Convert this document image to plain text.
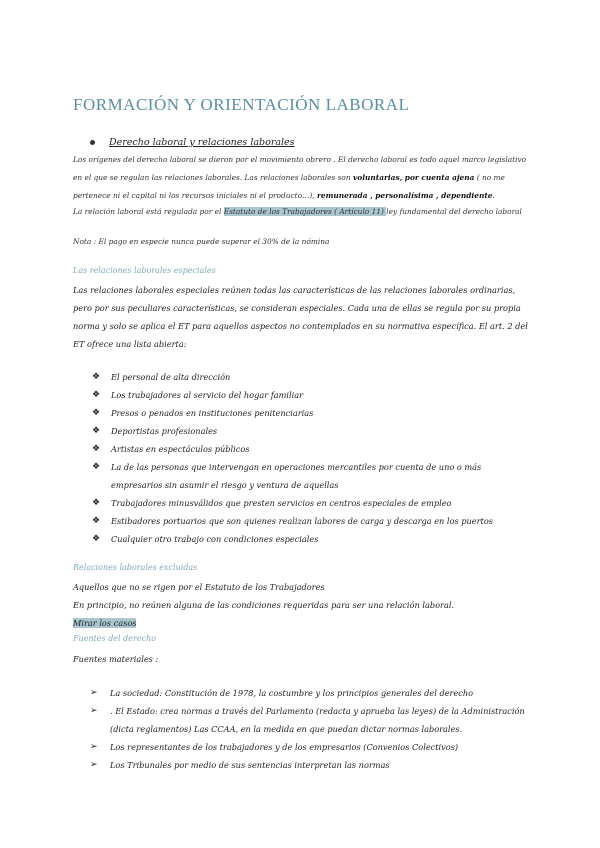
FORMACIÓN Y ORIENTACIÓN LABORAL
Derecho laboral y relaciones laborales

Los orígenes del derecho laboral se dieron por el movimiento obrero . El derecho laboral es todo aquel marco legislativo en el que se regulan las relaciones laborales. Las relaciones laborales son voluntarias, por cuenta ajena ( no me pertenece ni el capital ni los recursos iniciales ni el producto…), remunerada , personalísima , dependiente.

La relación laboral está regulada por el Estatuto de los Trabajadores ( Artículo 11) ley fundamental del derecho laboral

Nota : El pago en especie nunca puede superar el 30% de la nómina

Las relaciones laborales especiales

Las relaciones laborales especiales reúnen todas las características de las relaciones laborales ordinarias, pero por sus peculiares características, se consideran especiales. Cada una de ellas se regula por su propia norma y solo se aplica el ET para aquellos aspectos no contemplados en su normativa específica. El art. 2 del ET ofrece una lista abierta:

❖ El personal de alta dirección
❖ Los trabajadores al servicio del hogar familiar
❖ Presos o penados en instituciones penitenciarias
❖ Deportistas profesionales
❖ Artistas en espectáculos públicos
❖ La de las personas que intervengan en operaciones mercantiles por cuenta de uno o más empresarios sin asumir el riesgo y ventura de aquellas
❖ Trabajadores minusválidos que presten servicios en centros especiales de empleo
❖ Estibadores portuarios que son quienes realizan labores de carga y descarga en los puertos
❖ Cualquier otro trabajo con condiciones especiales
Relaciones laborales excluidas

Aquellos que no se rigen por el Estatuto de los Trabajadores

En principio, no reúnen alguna de las condiciones requeridas para ser una relación laboral.

Mirar los casos

Fuentes del derecho

Fuentes materiales :

➢ La sociedad: Constitución de 1978, la costumbre y los principios generales del derecho
➢ . El Estado: crea normas a través del Parlamento (redacta y aprueba las leyes) de la Administración (dicta reglamentos) Las CCAA, en la medida en que puedan dictar normas laborales.
➢ Los representantes de los trabajadores y de los empresarios (Convenios Colectivos)
➢ Los Tribunales por medio de sus sentencias interpretan las normas
